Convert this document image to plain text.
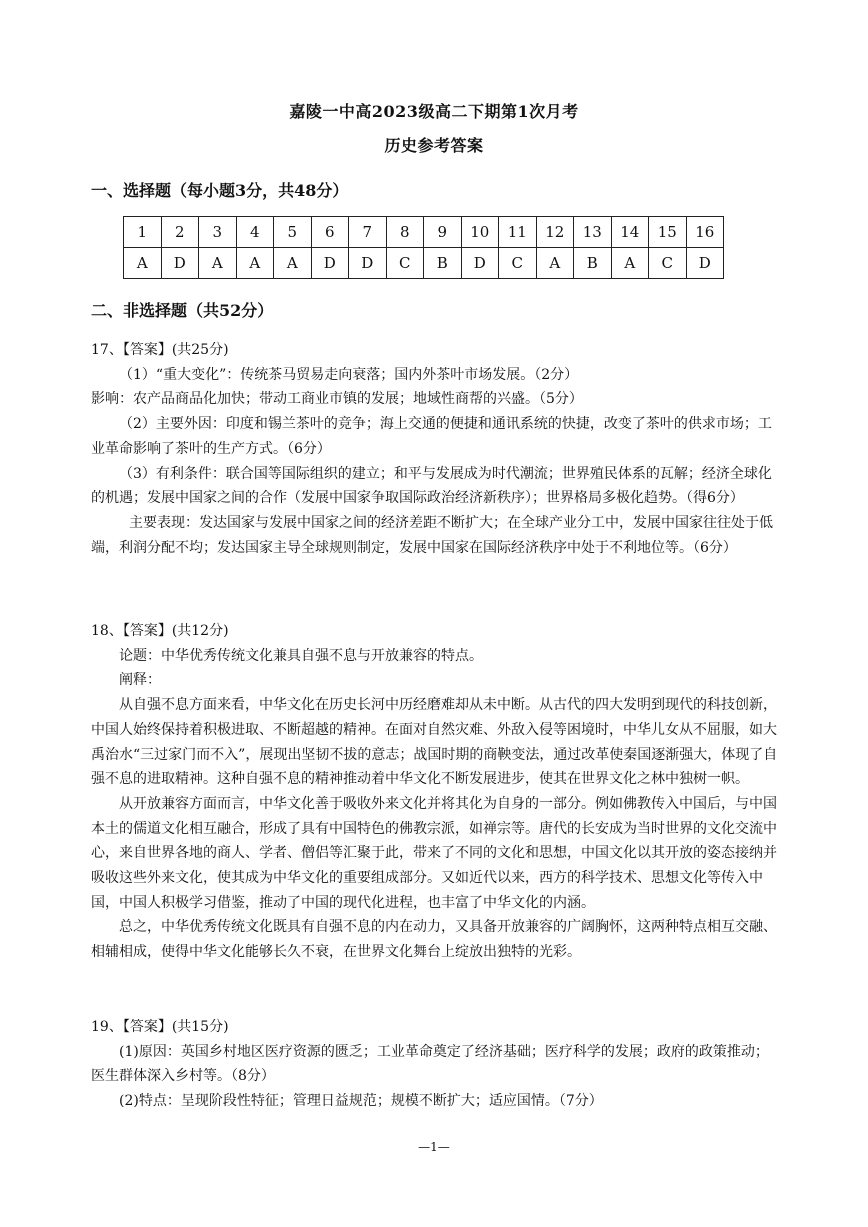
嘉陵一中高2023级高二下期第1次月考
历史参考答案
一、选择题（每小题3分，共48分）
1	2	3	4	5	6	7	8	9	10	11	12	13	14	15	16
A	D	A	A	A	D	D	C	B	D	C	A	B	A	C	D
二、非选择题（共52分）

17、【答案】(共25分)

（1）“重大变化”：传统茶马贸易走向衰落；国内外茶叶市场发展。（2分）

影响：农产品商品化加快；带动工商业市镇的发展；地域性商帮的兴盛。（5分）

（2）主要外因：印度和锡兰茶叶的竞争；海上交通的便捷和通讯系统的快捷，改变了茶叶的供求市场；工业革命影响了茶叶的生产方式。（6分）

（3）有利条件：联合国等国际组织的建立；和平与发展成为时代潮流；世界殖民体系的瓦解；经济全球化的机遇；发展中国家之间的合作（发展中国家争取国际政治经济新秩序）；世界格局多极化趋势。（得6分）

主要表现：发达国家与发展中国家之间的经济差距不断扩大；在全球产业分工中，发展中国家往往处于低端，利润分配不均；发达国家主导全球规则制定，发展中国家在国际经济秩序中处于不利地位等。（6分）

18、【答案】(共12分)

论题：中华优秀传统文化兼具自强不息与开放兼容的特点。

阐释：

从自强不息方面来看，中华文化在历史长河中历经磨难却从未中断。从古代的四大发明到现代的科技创新，中国人始终保持着积极进取、不断超越的精神。在面对自然灾难、外敌入侵等困境时，中华儿女从不屈服，如大禹治水“三过家门而不入”，展现出坚韧不拔的意志；战国时期的商鞅变法，通过改革使秦国逐渐强大，体现了自强不息的进取精神。这种自强不息的精神推动着中华文化不断发展进步，使其在世界文化之林中独树一帜。

从开放兼容方面而言，中华文化善于吸收外来文化并将其化为自身的一部分。例如佛教传入中国后，与中国本土的儒道文化相互融合，形成了具有中国特色的佛教宗派，如禅宗等。唐代的长安成为当时世界的文化交流中心，来自世界各地的商人、学者、僧侣等汇聚于此，带来了不同的文化和思想，中国文化以其开放的姿态接纳并吸收这些外来文化，使其成为中华文化的重要组成部分。又如近代以来，西方的科学技术、思想文化等传入中国，中国人积极学习借鉴，推动了中国的现代化进程，也丰富了中华文化的内涵。

总之，中华优秀传统文化既具有自强不息的内在动力，又具备开放兼容的广阔胸怀，这两种特点相互交融、相辅相成，使得中华文化能够长久不衰，在世界文化舞台上绽放出独特的光彩。

19、【答案】(共15分)

(1)原因：英国乡村地区医疗资源的匮乏；工业革命奠定了经济基础；医疗科学的发展；政府的政策推动；医生群体深入乡村等。（8分）

(2)特点：呈现阶段性特征；管理日益规范；规模不断扩大；适应国情。（7分）

—1—
